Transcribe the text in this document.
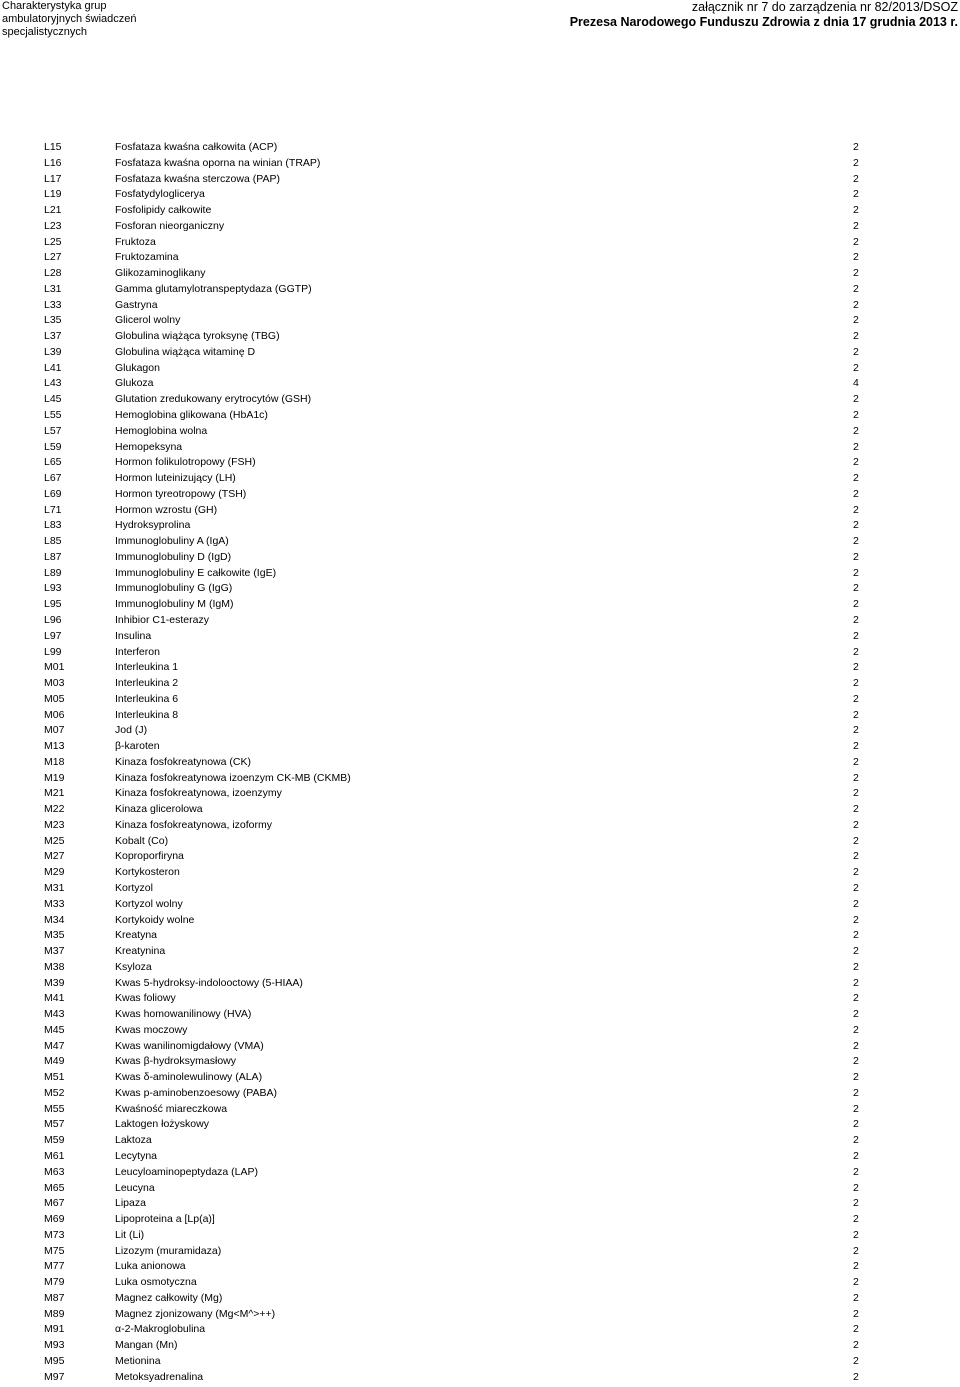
Charakterystyka grup
ambulatoryjnych świadczeń
specjalistycznych
załącznik nr 7 do zarządzenia nr 82/2013/DSOZ
Prezesa Narodowego Funduszu Zdrowia z dnia 17 grudnia 2013 r.
L15	Fosfataza kwaśna całkowita (ACP)	2
L16	Fosfataza kwaśna oporna na winian (TRAP)	2
L17	Fosfataza kwaśna sterczowa (PAP)	2
L19	Fosfatydyloglicerya	2
L21	Fosfolipidy całkowite	2
L23	Fosforan nieorganiczny	2
L25	Fruktoza	2
L27	Fruktozamina	2
L28	Glikozaminoglikany	2
L31	Gamma glutamylotranspeptydaza (GGTP)	2
L33	Gastryna	2
L35	Glicerol wolny	2
L37	Globulina wiążąca tyroksynę (TBG)	2
L39	Globulina wiążąca witaminę D	2
L41	Glukagon	2
L43	Glukoza	4
L45	Glutation zredukowany erytrocytów (GSH)	2
L55	Hemoglobina glikowana (HbA1c)	2
L57	Hemoglobina wolna	2
L59	Hemopeksyna	2
L65	Hormon folikulotropowy (FSH)	2
L67	Hormon luteinizujący (LH)	2
L69	Hormon tyreotropowy (TSH)	2
L71	Hormon wzrostu (GH)	2
L83	Hydroksyprolina	2
L85	Immunoglobuliny A (IgA)	2
L87	Immunoglobuliny D (IgD)	2
L89	Immunoglobuliny E całkowite (IgE)	2
L93	Immunoglobuliny G (IgG)	2
L95	Immunoglobuliny M (IgM)	2
L96	Inhibior C1-esterazy	2
L97	Insulina	2
L99	Interferon	2
M01	Interleukina 1	2
M03	Interleukina 2	2
M05	Interleukina 6	2
M06	Interleukina 8	2
M07	Jod (J)	2
M13	β-karoten	2
M18	Kinaza fosfokreatynowa (CK)	2
M19	Kinaza fosfokreatynowa izoenzym CK-MB (CKMB)	2
M21	Kinaza fosfokreatynowa, izoenzymy	2
M22	Kinaza glicerolowa	2
M23	Kinaza fosfokreatynowa, izoformy	2
M25	Kobalt (Co)	2
M27	Koproporfiryna	2
M29	Kortykosteron	2
M31	Kortyzol	2
M33	Kortyzol wolny	2
M34	Kortykoidy wolne	2
M35	Kreatyna	2
M37	Kreatynina	2
M38	Ksyloza	2
M39	Kwas 5-hydroksy-indolooctowy (5-HIAA)	2
M41	Kwas foliowy	2
M43	Kwas homowanilinowy (HVA)	2
M45	Kwas moczowy	2
M47	Kwas wanilinomigdałowy (VMA)	2
M49	Kwas β-hydroksymasłowy	2
M51	Kwas δ-aminolewulinowy (ALA)	2
M52	Kwas p-aminobenzoesowy (PABA)	2
M55	Kwaśność miareczkowa	2
M57	Laktogen łożyskowy	2
M59	Laktoza	2
M61	Lecytyna	2
M63	Leucyloaminopeptydaza (LAP)	2
M65	Leucyna	2
M67	Lipaza	2
M69	Lipoproteina a [Lp(a)]	2
M73	Lit (Li)	2
M75	Lizozym (muramidaza)	2
M77	Luka anionowa	2
M79	Luka osmotyczna	2
M87	Magnez całkowity (Mg)	2
M89	Magnez zjonizowany (Mg<M^>++)	2
M91	α-2-Makroglobulina	2
M93	Mangan (Mn)	2
M95	Metionina	2
M97	Metoksyadrenalina	2
